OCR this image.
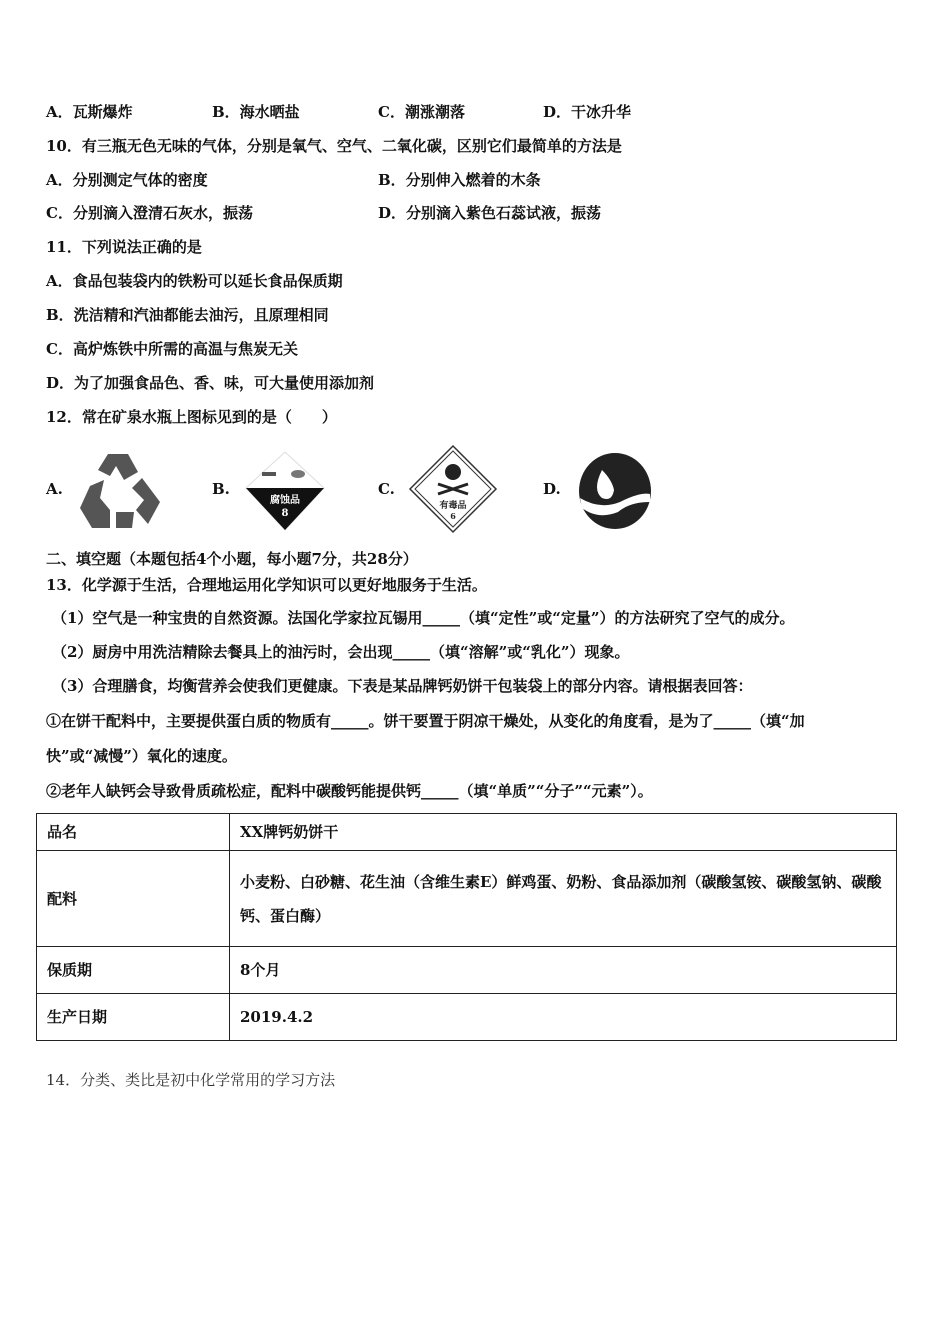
A．瓦斯爆炸	B．海水晒盐	C．潮涨潮落	D．干冰升华
10．有三瓶无色无味的气体，分别是氧气、空气、二氧化碳，区别它们最简单的方法是
A．分别测定气体的密度	B．分别伸入燃着的木条
C．分别滴入澄清石灰水，振荡	D．分别滴入紫色石蕊试液，振荡
11．下列说法正确的是
A．食品包装袋内的铁粉可以延长食品保质期
B．洗洁精和汽油都能去油污，且原理相同
C．高炉炼铁中所需的高温与焦炭无关
D．为了加强食品色、香、味，可大量使用添加剂
12．常在矿泉水瓶上图标见到的是（　　）
A.	B.
腐蚀品
8
C.
有毒品
6
D.
二、填空题（本题包括4个小题，每小题7分，共28分）
13．化学源于生活，合理地运用化学知识可以更好地服务于生活。
（1）空气是一种宝贵的自然资源。法国化学家拉瓦锡用_____（填“定性”或“定量”）的方法研究了空气的成分。
（2）厨房中用洗洁精除去餐具上的油污时，会出现_____（填“溶解”或“乳化”）现象。
（3）合理膳食，均衡营养会使我们更健康。下表是某品牌钙奶饼干包装袋上的部分内容。请根据表回答：
①在饼干配料中，主要提供蛋白质的物质有_____。饼干要置于阴凉干燥处，从变化的角度看，是为了_____（填“加
快”或“减慢”）氧化的速度。
②老年人缺钙会导致骨质疏松症，配料中碳酸钙能提供钙_____（填“单质”“分子”“元素”）。
品名	XX牌钙奶饼干
配料	小麦粉、白砂糖、花生油（含维生素E）鲜鸡蛋、奶粉、食品添加剂（碳酸氢铵、碳酸氢钠、碳酸钙、蛋白酶）
保质期	8个月
生产日期	2019.4.2
14．分类、类比是初中化学常用的学习方法
